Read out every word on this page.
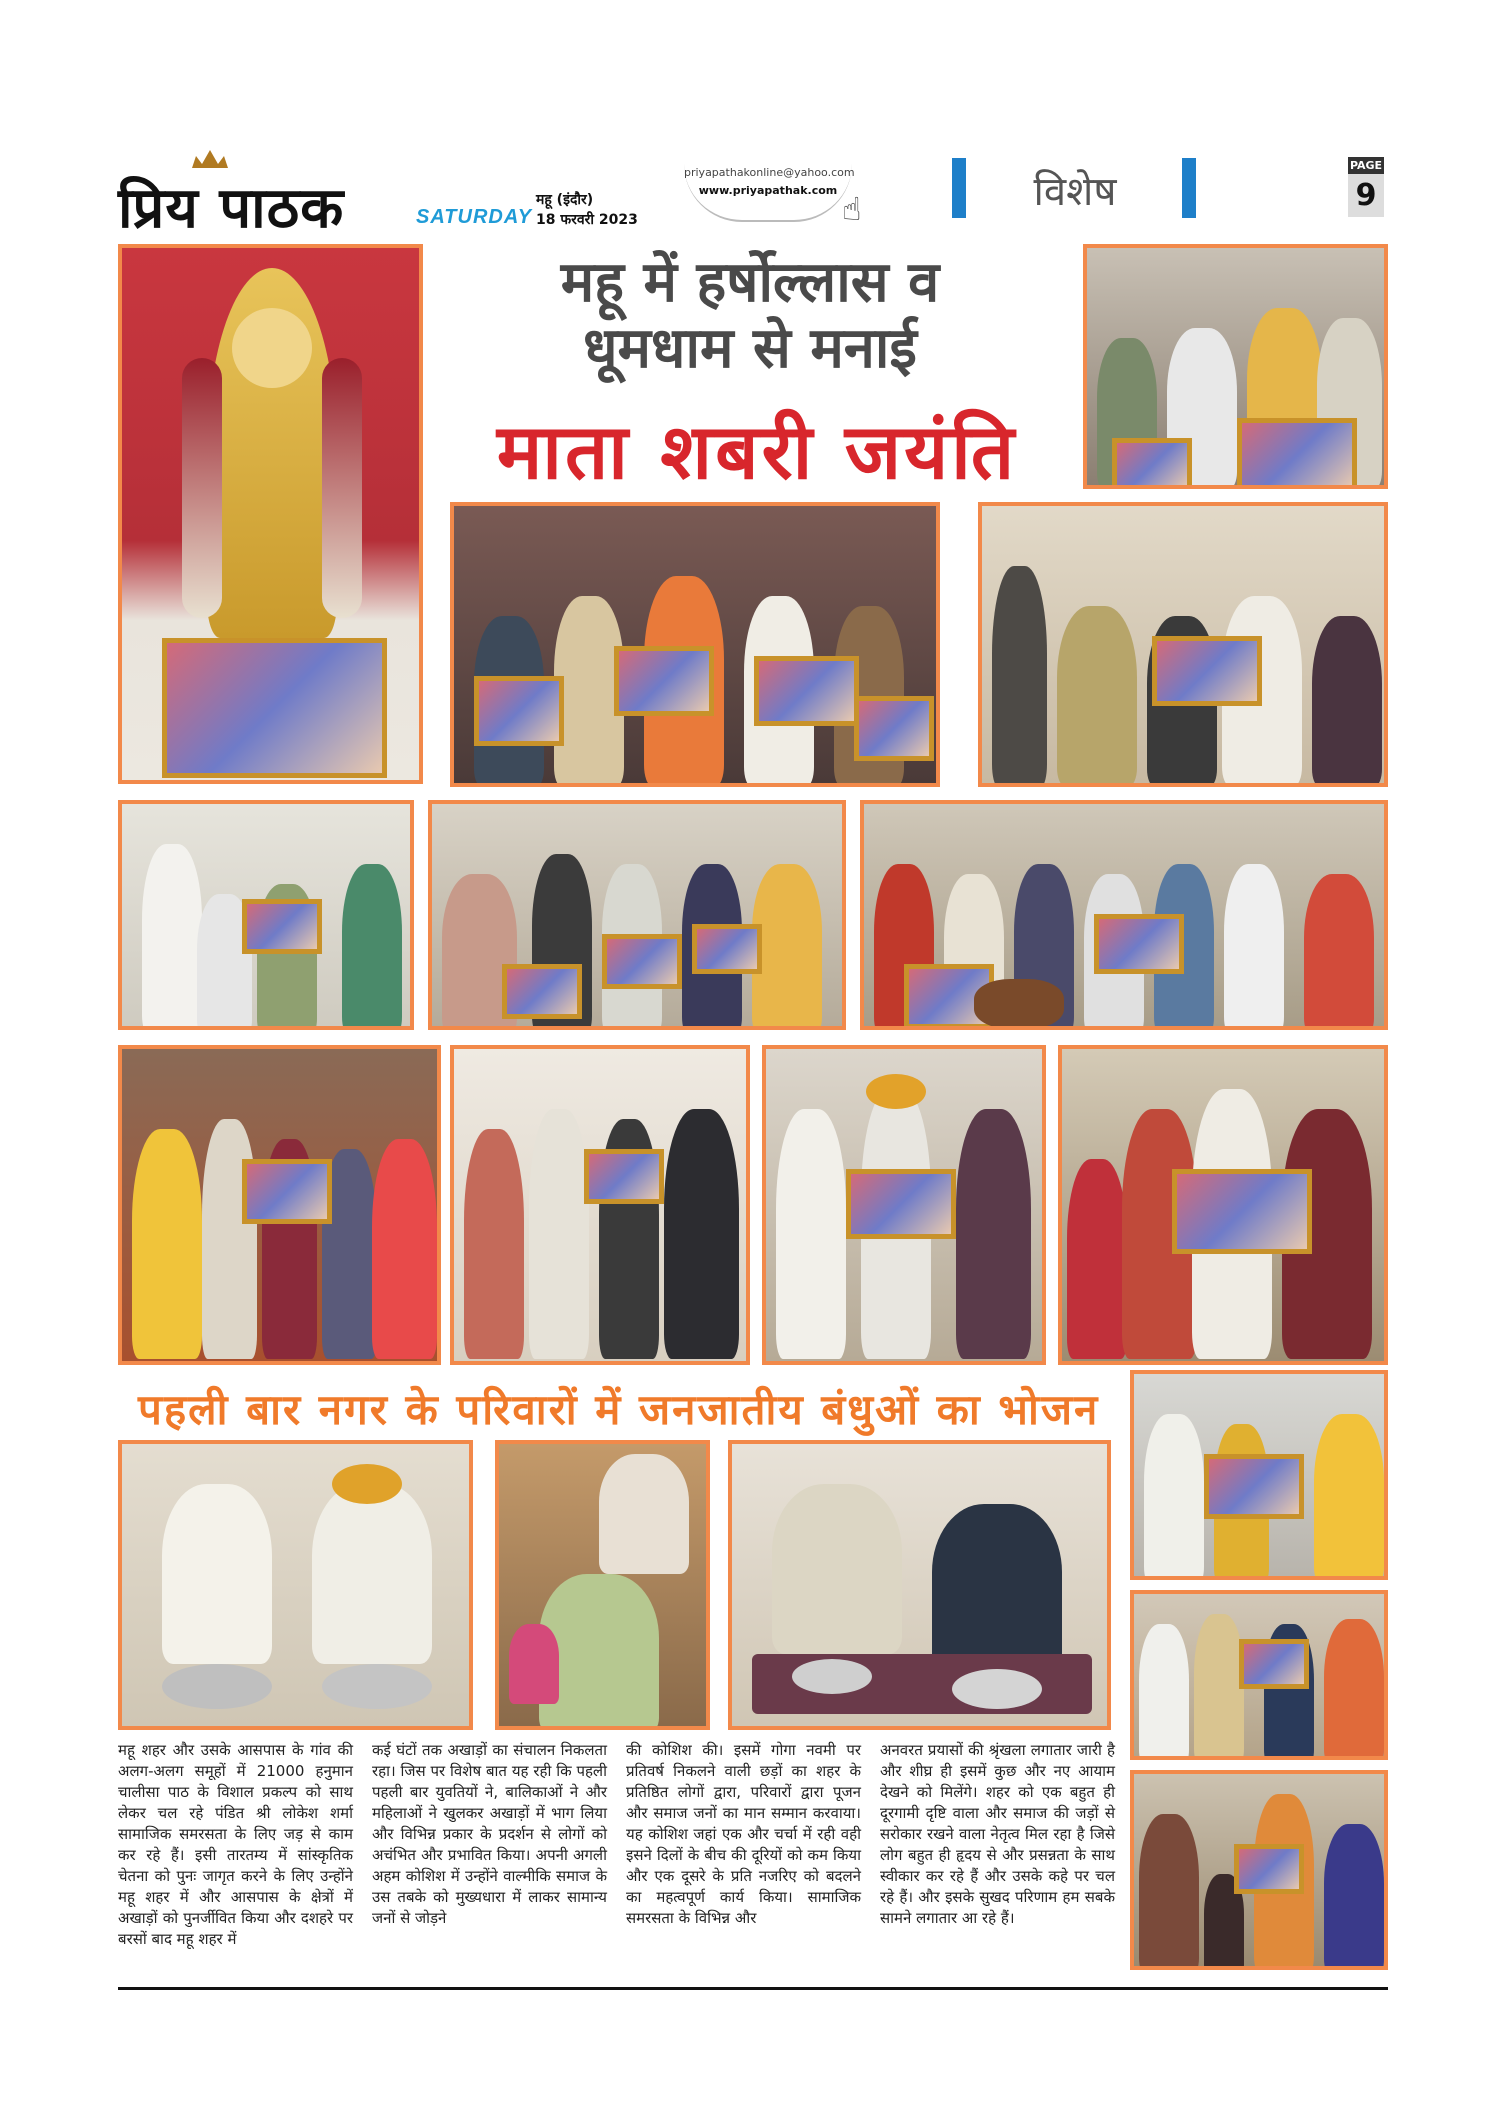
प्रिय पाठक	SATURDAY
महू (इंदौर)
18 फरवरी 2023
priyapathakonline@yahoo.com
www.priyapathak.com ☝	विशेष
PAGE
9
महू में हर्षोल्लास व
धूमधाम से मनाई
माता शबरी जयंति
पहली बार नगर के परिवारों में जनजातीय बंधुओं का भोजन
महू शहर और उसके आसपास के गांव की अलग-अलग समूहों में 21000 हनुमान चालीसा पाठ के विशाल प्रकल्प को साथ लेकर चल रहे पंडित श्री लोकेश शर्मा सामाजिक समरसता के लिए जड़ से काम कर रहे हैं। इसी तारतम्य में सांस्कृतिक चेतना को पुनः जागृत करने के लिए उन्होंने महू शहर में और आसपास के क्षेत्रों में अखाड़ों को पुनर्जीवित किया और दशहरे पर बरसों बाद महू शहर में
कई घंटों तक अखाड़ों का संचालन निकलता रहा। जिस पर विशेष बात यह रही कि पहली पहली बार युवतियों ने, बालिकाओं ने और महिलाओं ने खुलकर अखाड़ों में भाग लिया और विभिन्न प्रकार के प्रदर्शन से लोगों को अचंभित और प्रभावित किया। अपनी अगली अहम कोशिश में उन्होंने वाल्मीकि समाज के उस तबके को मुख्यधारा में लाकर सामान्य जनों से जोड़ने
की कोशिश की। इसमें गोगा नवमी पर प्रतिवर्ष निकलने वाली छड़ों का शहर के प्रतिष्ठित लोगों द्वारा, परिवारों द्वारा पूजन और समाज जनों का मान सम्मान करवाया। यह कोशिश जहां एक और चर्चा में रही वही इसने दिलों के बीच की दूरियों को कम किया और एक दूसरे के प्रति नजरिए को बदलने का महत्वपूर्ण कार्य किया। सामाजिक समरसता के विभिन्न और
अनवरत प्रयासों की श्रृंखला लगातार जारी है और शीघ्र ही इसमें कुछ और नए आयाम देखने को मिलेंगे। शहर को एक बहुत ही दूरगामी दृष्टि वाला और समाज की जड़ों से सरोकार रखने वाला नेतृत्व मिल रहा है जिसे लोग बहुत ही हृदय से और प्रसन्नता के साथ स्वीकार कर रहे हैं और उसके कहे पर चल रहे हैं। और इसके सुखद परिणाम हम सबके सामने लगातार आ रहे हैं।
